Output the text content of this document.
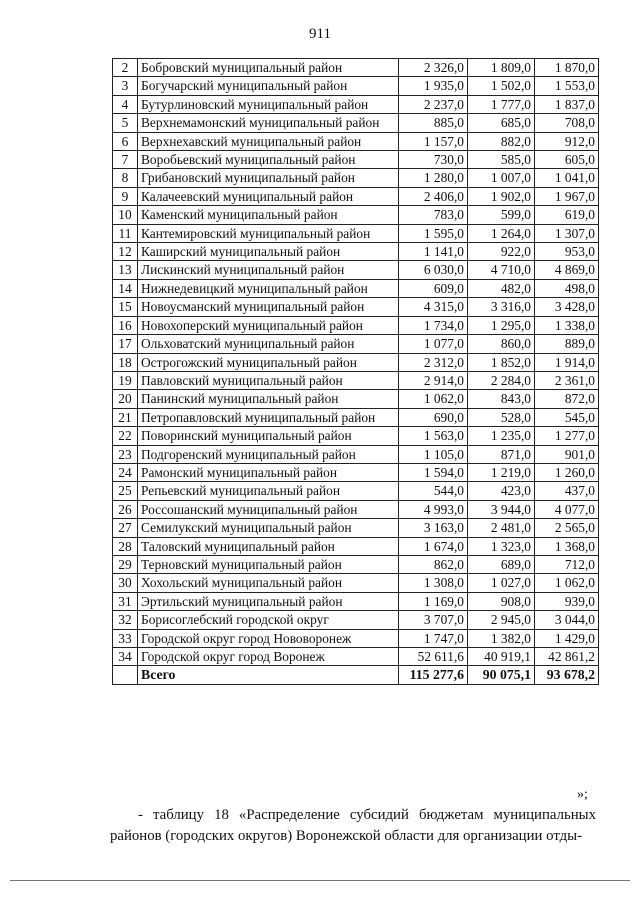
911
2	Бобровский муниципальный район	2 326,0	1 809,0	1 870,0
3	Богучарский муниципальный район	1 935,0	1 502,0	1 553,0
4	Бутурлиновский муниципальный район	2 237,0	1 777,0	1 837,0
5	Верхнемамонский муниципальный район	885,0	685,0	708,0
6	Верхнехавский муниципальный район	1 157,0	882,0	912,0
7	Воробьевский муниципальный район	730,0	585,0	605,0
8	Грибановский муниципальный район	1 280,0	1 007,0	1 041,0
9	Калачеевский муниципальный район	2 406,0	1 902,0	1 967,0
10	Каменский муниципальный район	783,0	599,0	619,0
11	Кантемировский муниципальный район	1 595,0	1 264,0	1 307,0
12	Каширский муниципальный район	1 141,0	922,0	953,0
13	Лискинский муниципальный район	6 030,0	4 710,0	4 869,0
14	Нижнедевицкий муниципальный район	609,0	482,0	498,0
15	Новоусманский муниципальный район	4 315,0	3 316,0	3 428,0
16	Новохоперский муниципальный район	1 734,0	1 295,0	1 338,0
17	Ольховатский муниципальный район	1 077,0	860,0	889,0
18	Острогожский муниципальный район	2 312,0	1 852,0	1 914,0
19	Павловский муниципальный район	2 914,0	2 284,0	2 361,0
20	Панинский муниципальный район	1 062,0	843,0	872,0
21	Петропавловский муниципальный район	690,0	528,0	545,0
22	Поворинский муниципальный район	1 563,0	1 235,0	1 277,0
23	Подгоренский муниципальный район	1 105,0	871,0	901,0
24	Рамонский муниципальный район	1 594,0	1 219,0	1 260,0
25	Репьевский муниципальный район	544,0	423,0	437,0
26	Россошанский муниципальный район	4 993,0	3 944,0	4 077,0
27	Семилукский муниципальный район	3 163,0	2 481,0	2 565,0
28	Таловский муниципальный район	1 674,0	1 323,0	1 368,0
29	Терновский муниципальный район	862,0	689,0	712,0
30	Хохольский муниципальный район	1 308,0	1 027,0	1 062,0
31	Эртильский муниципальный район	1 169,0	908,0	939,0
32	Борисоглебский городской округ	3 707,0	2 945,0	3 044,0
33	Городской округ город Нововоронеж	1 747,0	1 382,0	1 429,0
34	Городской округ город Воронеж	52 611,6	40 919,1	42 861,2
	Всего	115 277,6	90 075,1	93 678,2
»;
- таблицу 18 «Распределение субсидий бюджетам муниципальных районов (городских округов) Воронежской области для организации отды-
